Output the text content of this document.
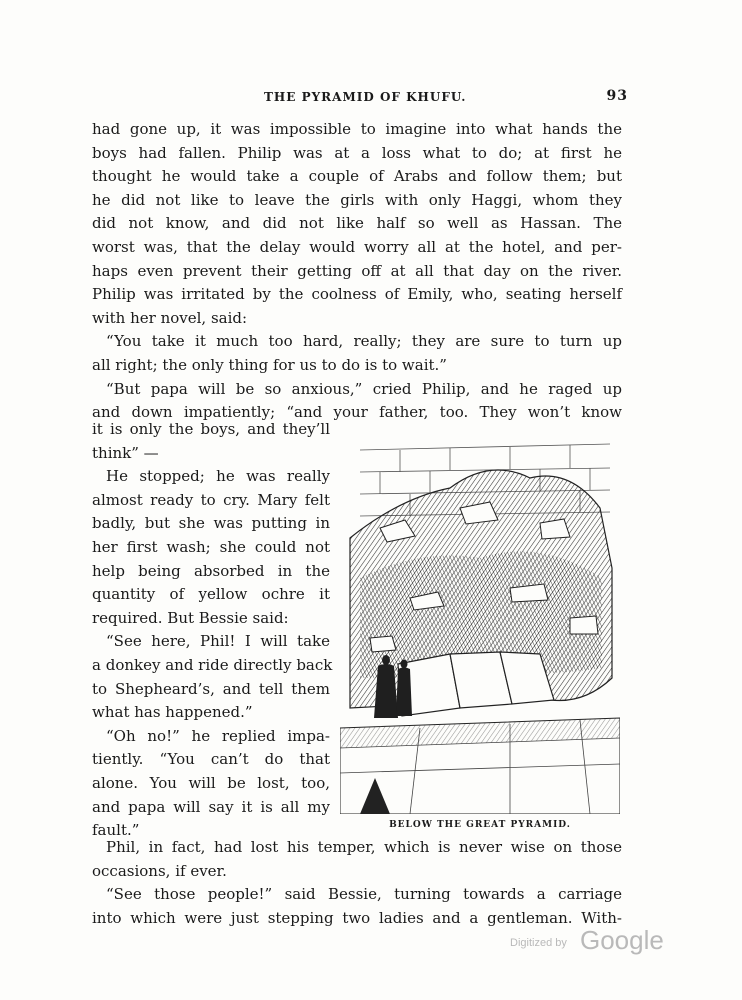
THE PYRAMID OF KHUFU.	93
had gone up, it was impossible to imagine into what hands the
boys had fallen. Philip was at a loss what to do; at first he
thought he would take a couple of Arabs and follow them; but
he did not like to leave the girls with only Haggi, whom they
did not know, and did not like half so well as Hassan. The
worst was, that the delay would worry all at the hotel, and per-
haps even prevent their getting off at all that day on the river.
Philip was irritated by the coolness of Emily, who, seating herself
with her novel, said:
“You take it much too hard, really; they are sure to turn up
all right; the only thing for us to do is to wait.”
“But papa will be so anxious,” cried Philip, and he raged up
and down impatiently; “and your father, too. They won’t know
it is only the boys, and they’ll
think” —
He stopped; he was really
almost ready to cry. Mary felt
badly, but she was putting in
her first wash; she could not
help being absorbed in the
quantity of yellow ochre it
required. But Bessie said:
“See here, Phil! I will take
a donkey and ride directly back
to Shepheard’s, and tell them
what has happened.”
“Oh no!” he replied impa-
tiently. “You can’t do that
alone. You will be lost, too,
and papa will say it is all my
fault.”	BELOW THE GREAT PYRAMID.
Phil, in fact, had lost his temper, which is never wise on those
occasions, if ever.
“See those people!” said Bessie, turning towards a carriage
into which were just stepping two ladies and a gentleman. With-
Digitized by Google
